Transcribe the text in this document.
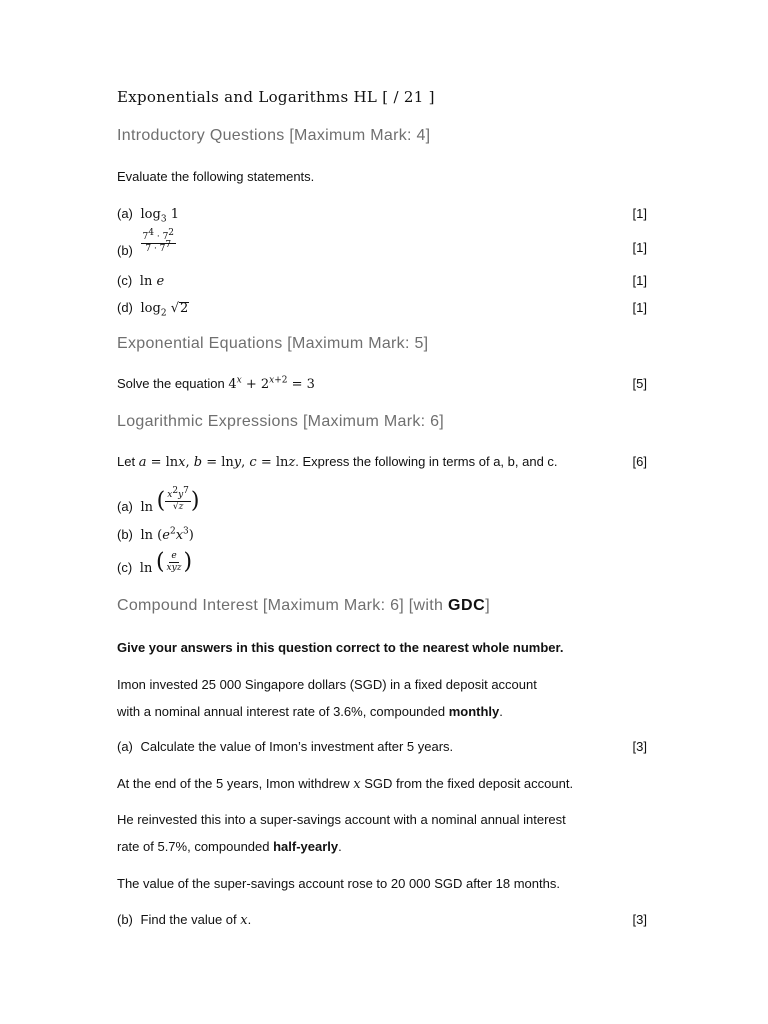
Exponentials and Logarithms HL [ / 21 ]
Introductory Questions [Maximum Mark: 4]
Evaluate the following statements.
(a) $\log_3 1$	[1]
$(b) \frac{7^4 \cdot 7^2}{7 \cdot 7^7}$	[1]
(c) ln e	[1]
(d) $\log_2 √2$	[1]
Exponential Equations [Maximum Mark: 5]
Solve the equation $4^x + 2^{x+2} = 3$	[5]
Logarithmic Expressions [Maximum Mark: 6]
Let a = lnx, b = lny, c = lnz. Express the following in terms of a, b, and c.	[6]
(a) ln ( $\frac{x^2y^7}{√z}$ )
(b) $\ln (e^2x^3)$
(c) ln ( $\frac{e}{\text{xyz}}$ )
Compound Interest [Maximum Mark: 6] [with GDC]
Give your answers in this question correct to the nearest whole number.
Imon invested 25 000 Singapore dollars (SGD) in a fixed deposit account
with a nominal annual interest rate of 3.6%, compounded monthly.
(a) Calculate the value of Imon’s investment after 5 years.	[3]
At the end of the 5 years, Imon withdrew x SGD from the fixed deposit account.
He reinvested this into a super-savings account with a nominal annual interest
rate of 5.7%, compounded half-yearly.
The value of the super-savings account rose to 20 000 SGD after 18 months.
(b) Find the value of x.	[3]
